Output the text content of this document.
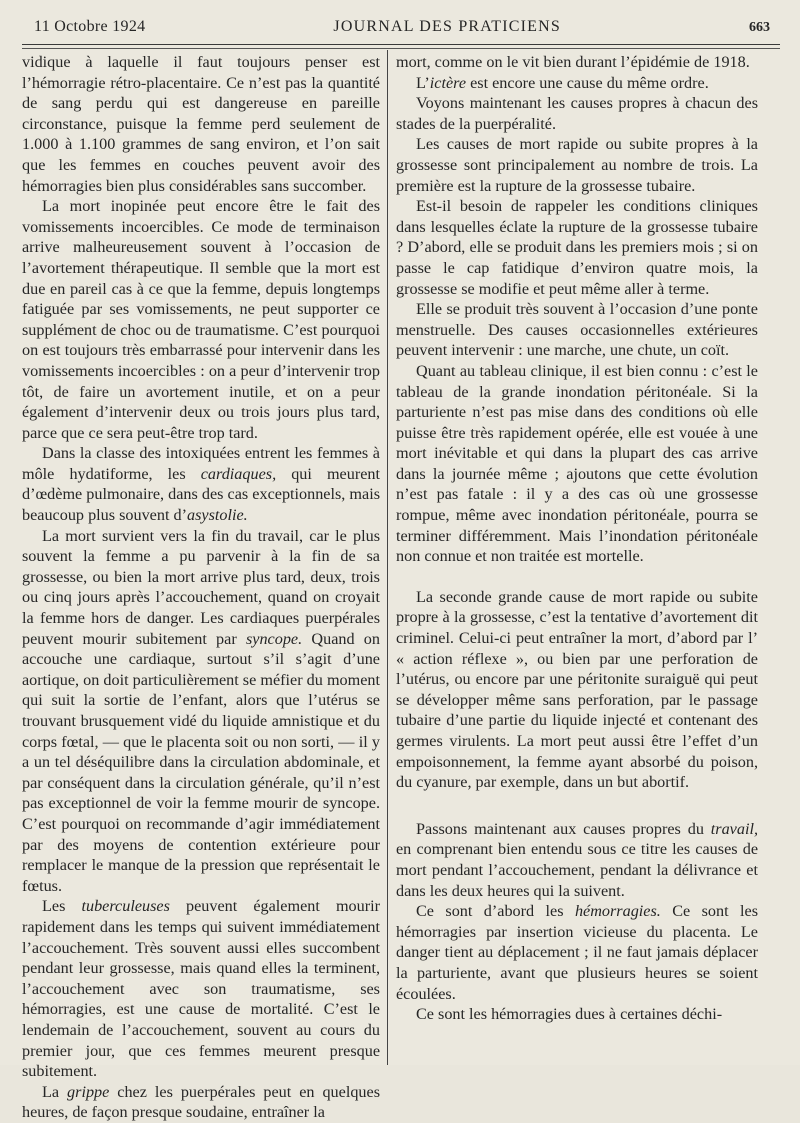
11 Octobre 1924	JOURNAL DES PRATICIENS	663

vidique à laquelle il faut toujours penser est l’hémorragie rétro-placentaire. Ce n’est pas la quantité de sang perdu qui est dangereuse en pareille circonstance, puisque la femme perd seulement de 1.000 à 1.100 grammes de sang environ, et l’on sait que les femmes en couches peuvent avoir des hémorragies bien plus considérables sans succomber.

La mort inopinée peut encore être le fait des vomissements incoercibles. Ce mode de terminaison arrive malheureusement souvent à l’occasion de l’avortement thérapeutique. Il semble que la mort est due en pareil cas à ce que la femme, depuis longtemps fatiguée par ses vomissements, ne peut supporter ce supplément de choc ou de traumatisme. C’est pourquoi on est toujours très embarrassé pour intervenir dans les vomissements incoercibles : on a peur d’intervenir trop tôt, de faire un avortement inutile, et on a peur également d’intervenir deux ou trois jours plus tard, parce que ce sera peut-être trop tard.

Dans la classe des intoxiquées entrent les femmes à môle hydatiforme, les cardiaques, qui meurent d’œdème pulmonaire, dans des cas exceptionnels, mais beaucoup plus souvent d’asystolie.

La mort survient vers la fin du travail, car le plus souvent la femme a pu parvenir à la fin de sa grossesse, ou bien la mort arrive plus tard, deux, trois ou cinq jours après l’accouchement, quand on croyait la femme hors de danger. Les cardiaques puerpérales peuvent mourir subitement par syncope. Quand on accouche une cardiaque, surtout s’il s’agit d’une aortique, on doit particulièrement se méfier du moment qui suit la sortie de l’enfant, alors que l’utérus se trouvant brusquement vidé du liquide amnistique et du corps fœtal, — que le placenta soit ou non sorti, — il y a un tel déséquilibre dans la circulation abdominale, et par conséquent dans la circulation générale, qu’il n’est pas exceptionnel de voir la femme mourir de syncope. C’est pourquoi on recommande d’agir immédiatement par des moyens de contention extérieure pour remplacer le manque de la pression que représentait le fœtus.

Les tuberculeuses peuvent également mourir rapidement dans les temps qui suivent immédiatement l’accouchement. Très souvent aussi elles succombent pendant leur grossesse, mais quand elles la terminent, l’accouchement avec son traumatisme, ses hémorragies, est une cause de mortalité. C’est le lendemain de l’accouchement, souvent au cours du premier jour, que ces femmes meurent presque subitement.

La grippe chez les puerpérales peut en quelques heures, de façon presque soudaine, entraîner la

mort, comme on le vit bien durant l’épidémie de 1918.

L’ictère est encore une cause du même ordre.

Voyons maintenant les causes propres à chacun des stades de la puerpéralité.

Les causes de mort rapide ou subite propres à la grossesse sont principalement au nombre de trois. La première est la rupture de la grossesse tubaire.

Est-il besoin de rappeler les conditions cliniques dans lesquelles éclate la rupture de la grossesse tubaire ? D’abord, elle se produit dans les premiers mois ; si on passe le cap fatidique d’environ quatre mois, la grossesse se modifie et peut même aller à terme.

Elle se produit très souvent à l’occasion d’une ponte menstruelle. Des causes occasionnelles extérieures peuvent intervenir : une marche, une chute, un coït.

Quant au tableau clinique, il est bien connu : c’est le tableau de la grande inondation péritonéale. Si la parturiente n’est pas mise dans des conditions où elle puisse être très rapidement opérée, elle est vouée à une mort inévitable et qui dans la plupart des cas arrive dans la journée même ; ajoutons que cette évolution n’est pas fatale : il y a des cas où une grossesse rompue, même avec inondation péritonéale, pourra se terminer différemment. Mais l’inondation péritonéale non connue et non traitée est mortelle.

La seconde grande cause de mort rapide ou subite propre à la grossesse, c’est la tentative d’avortement dit criminel. Celui-ci peut entraîner la mort, d’abord par l’ « action réflexe », ou bien par une perforation de l’utérus, ou encore par une péritonite suraiguë qui peut se développer même sans perforation, par le passage tubaire d’une partie du liquide injecté et contenant des germes virulents. La mort peut aussi être l’effet d’un empoisonnement, la femme ayant absorbé du poison, du cyanure, par exemple, dans un but abortif.

Passons maintenant aux causes propres du travail, en comprenant bien entendu sous ce titre les causes de mort pendant l’accouchement, pendant la délivrance et dans les deux heures qui la suivent.

Ce sont d’abord les hémorragies. Ce sont les hémorragies par insertion vicieuse du placenta. Le danger tient au déplacement ; il ne faut jamais déplacer la parturiente, avant que plusieurs heures se soient écoulées.

Ce sont les hémorragies dues à certaines déchi-
